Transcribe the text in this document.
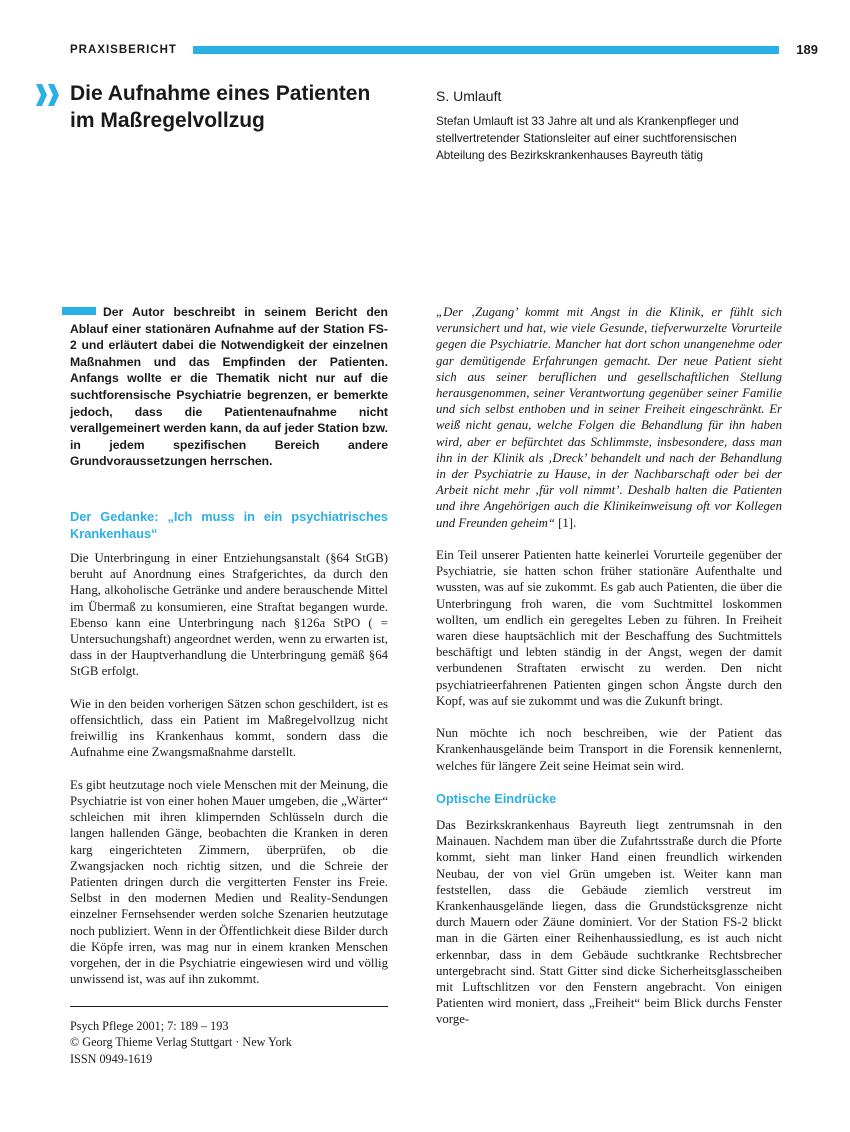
PRAXISBERICHT	189
Die Aufnahme eines Patienten
im Maßregelvollzug
S. Umlauft
Stefan Umlauft ist 33 Jahre alt und als Krankenpfleger und stellvertretender Stationsleiter auf einer suchtforensischen Abteilung des Bezirkskrankenhauses Bayreuth tätig

Der Autor beschreibt in seinem Bericht den Ablauf einer stationären Aufnahme auf der Station FS-2 und erläutert dabei die Notwendigkeit der einzelnen Maßnahmen und das Empfinden der Patienten. Anfangs wollte er die Thematik nicht nur auf die suchtforensische Psychiatrie begrenzen, er bemerkte jedoch, dass die Patientenaufnahme nicht verallgemeinert werden kann, da auf jeder Station bzw. in jedem spezifischen Bereich andere Grundvoraussetzungen herrschen.

Der Gedanke: „Ich muss in ein psychiatrisches Krankenhaus“

Die Unterbringung in einer Entziehungsanstalt (§64 StGB) beruht auf Anordnung eines Strafgerichtes, da durch den Hang, alkoholische Getränke und andere berauschende Mittel im Übermaß zu konsumieren, eine Straftat begangen wurde. Ebenso kann eine Unterbringung nach §126a StPO ( = Untersuchungshaft) angeordnet werden, wenn zu erwarten ist, dass in der Hauptverhandlung die Unterbringung gemäß §64 StGB erfolgt.

Wie in den beiden vorherigen Sätzen schon geschildert, ist es offensichtlich, dass ein Patient im Maßregelvollzug nicht freiwillig ins Krankenhaus kommt, sondern dass die Aufnahme eine Zwangsmaßnahme darstellt.

Es gibt heutzutage noch viele Menschen mit der Meinung, die Psychiatrie ist von einer hohen Mauer umgeben, die „Wärter“ schleichen mit ihren klimpernden Schlüsseln durch die langen hallenden Gänge, beobachten die Kranken in deren karg eingerichteten Zimmern, überprüfen, ob die Zwangsjacken noch richtig sitzen, und die Schreie der Patienten dringen durch die vergitterten Fenster ins Freie. Selbst in den modernen Medien und Reality-Sendungen einzelner Fernsehsender werden solche Szenarien heutzutage noch publiziert. Wenn in der Öffentlichkeit diese Bilder durch die Köpfe irren, was mag nur in einem kranken Menschen vorgehen, der in die Psychiatrie eingewiesen wird und völlig unwissend ist, was auf ihn zukommt.

„Der ‚Zugang’ kommt mit Angst in die Klinik, er fühlt sich verunsichert und hat, wie viele Gesunde, tiefverwurzelte Vorurteile gegen die Psychiatrie. Mancher hat dort schon unangenehme oder gar demütigende Erfahrungen gemacht. Der neue Patient sieht sich aus seiner beruflichen und gesellschaftlichen Stellung herausgenommen, seiner Verantwortung gegenüber seiner Familie und sich selbst enthoben und in seiner Freiheit eingeschränkt. Er weiß nicht genau, welche Folgen die Behandlung für ihn haben wird, aber er befürchtet das Schlimmste, insbesondere, dass man ihn in der Klinik als ‚Dreck’ behandelt und nach der Behandlung in der Psychiatrie zu Hause, in der Nachbarschaft oder bei der Arbeit nicht mehr ‚für voll nimmt’. Deshalb halten die Patienten und ihre Angehörigen auch die Klinikeinweisung oft vor Kollegen und Freunden geheim“ [1].

Ein Teil unserer Patienten hatte keinerlei Vorurteile gegenüber der Psychiatrie, sie hatten schon früher stationäre Aufenthalte und wussten, was auf sie zukommt. Es gab auch Patienten, die über die Unterbringung froh waren, die vom Suchtmittel loskommen wollten, um endlich ein geregeltes Leben zu führen. In Freiheit waren diese hauptsächlich mit der Beschaffung des Suchtmittels beschäftigt und lebten ständig in der Angst, wegen der damit verbundenen Straftaten erwischt zu werden. Den nicht psychiatrieerfahrenen Patienten gingen schon Ängste durch den Kopf, was auf sie zukommt und was die Zukunft bringt.

Nun möchte ich noch beschreiben, wie der Patient das Krankenhausgelände beim Transport in die Forensik kennenlernt, welches für längere Zeit seine Heimat sein wird.

Optische Eindrücke

Das Bezirkskrankenhaus Bayreuth liegt zentrumsnah in den Mainauen. Nachdem man über die Zufahrtsstraße durch die Pforte kommt, sieht man linker Hand einen freundlich wirkenden Neubau, der von viel Grün umgeben ist. Weiter kann man feststellen, dass die Gebäude ziemlich verstreut im Krankenhausgelände liegen, dass die Grundstücksgrenze nicht durch Mauern oder Zäune dominiert. Vor der Station FS-2 blickt man in die Gärten einer Reihenhaussiedlung, es ist auch nicht erkennbar, dass in dem Gebäude suchtkranke Rechtsbrecher untergebracht sind. Statt Gitter sind dicke Sicherheitsglasscheiben mit Luftschlitzen vor den Fenstern angebracht. Von einigen Patienten wird moniert, dass „Freiheit“ beim Blick durchs Fenster vorge-

Psych Pflege 2001; 7: 189 – 193
© Georg Thieme Verlag Stuttgart · New York
ISSN 0949-1619
